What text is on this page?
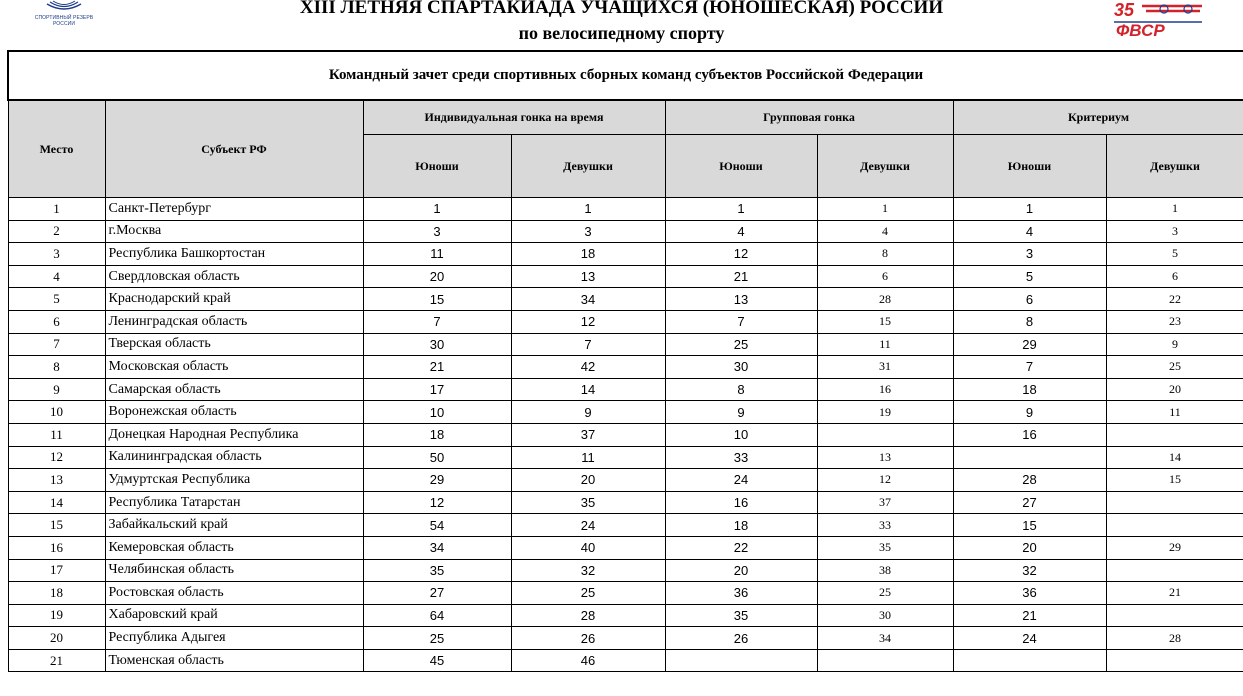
СПОРТИВНЫЙ РЕЗЕРВ РОССИИ
35
ФВСР
XIII ЛЕТНЯЯ СПАРТАКИАДА УЧАЩИХСЯ (ЮНОШЕСКАЯ) РОССИИ
по велосипедному спорту
Командный зачет среди спортивных сборных команд субъектов Российской Федерации							
Место	Субъект РФ	Индивидуальная гонка на время		Групповая гонка		Критериум	
		Юноши	Девушки	Юноши	Девушки	Юноши	Девушки
1	Санкт-Петербург	1	1	1	1	1	1
2	г.Москва	3	3	4	4	4	3
3	Республика Башкортостан	11	18	12	8	3	5
4	Свердловская область	20	13	21	6	5	6
5	Краснодарский край	15	34	13	28	6	22
6	Ленинградская область	7	12	7	15	8	23
7	Тверская область	30	7	25	11	29	9
8	Московская область	21	42	30	31	7	25
9	Самарская область	17	14	8	16	18	20
10	Воронежская область	10	9	9	19	9	11
11	Донецкая Народная Республика	18	37	10		16	
12	Калининградская область	50	11	33	13		14
13	Удмуртская Республика	29	20	24	12	28	15
14	Республика Татарстан	12	35	16	37	27	
15	Забайкальский край	54	24	18	33	15	
16	Кемеровская область	34	40	22	35	20	29
17	Челябинская область	35	32	20	38	32	
18	Ростовская область	27	25	36	25	36	21
19	Хабаровский край	64	28	35	30	21	
20	Республика Адыгея	25	26	26	34	24	28
21	Тюменская область	45	46				
